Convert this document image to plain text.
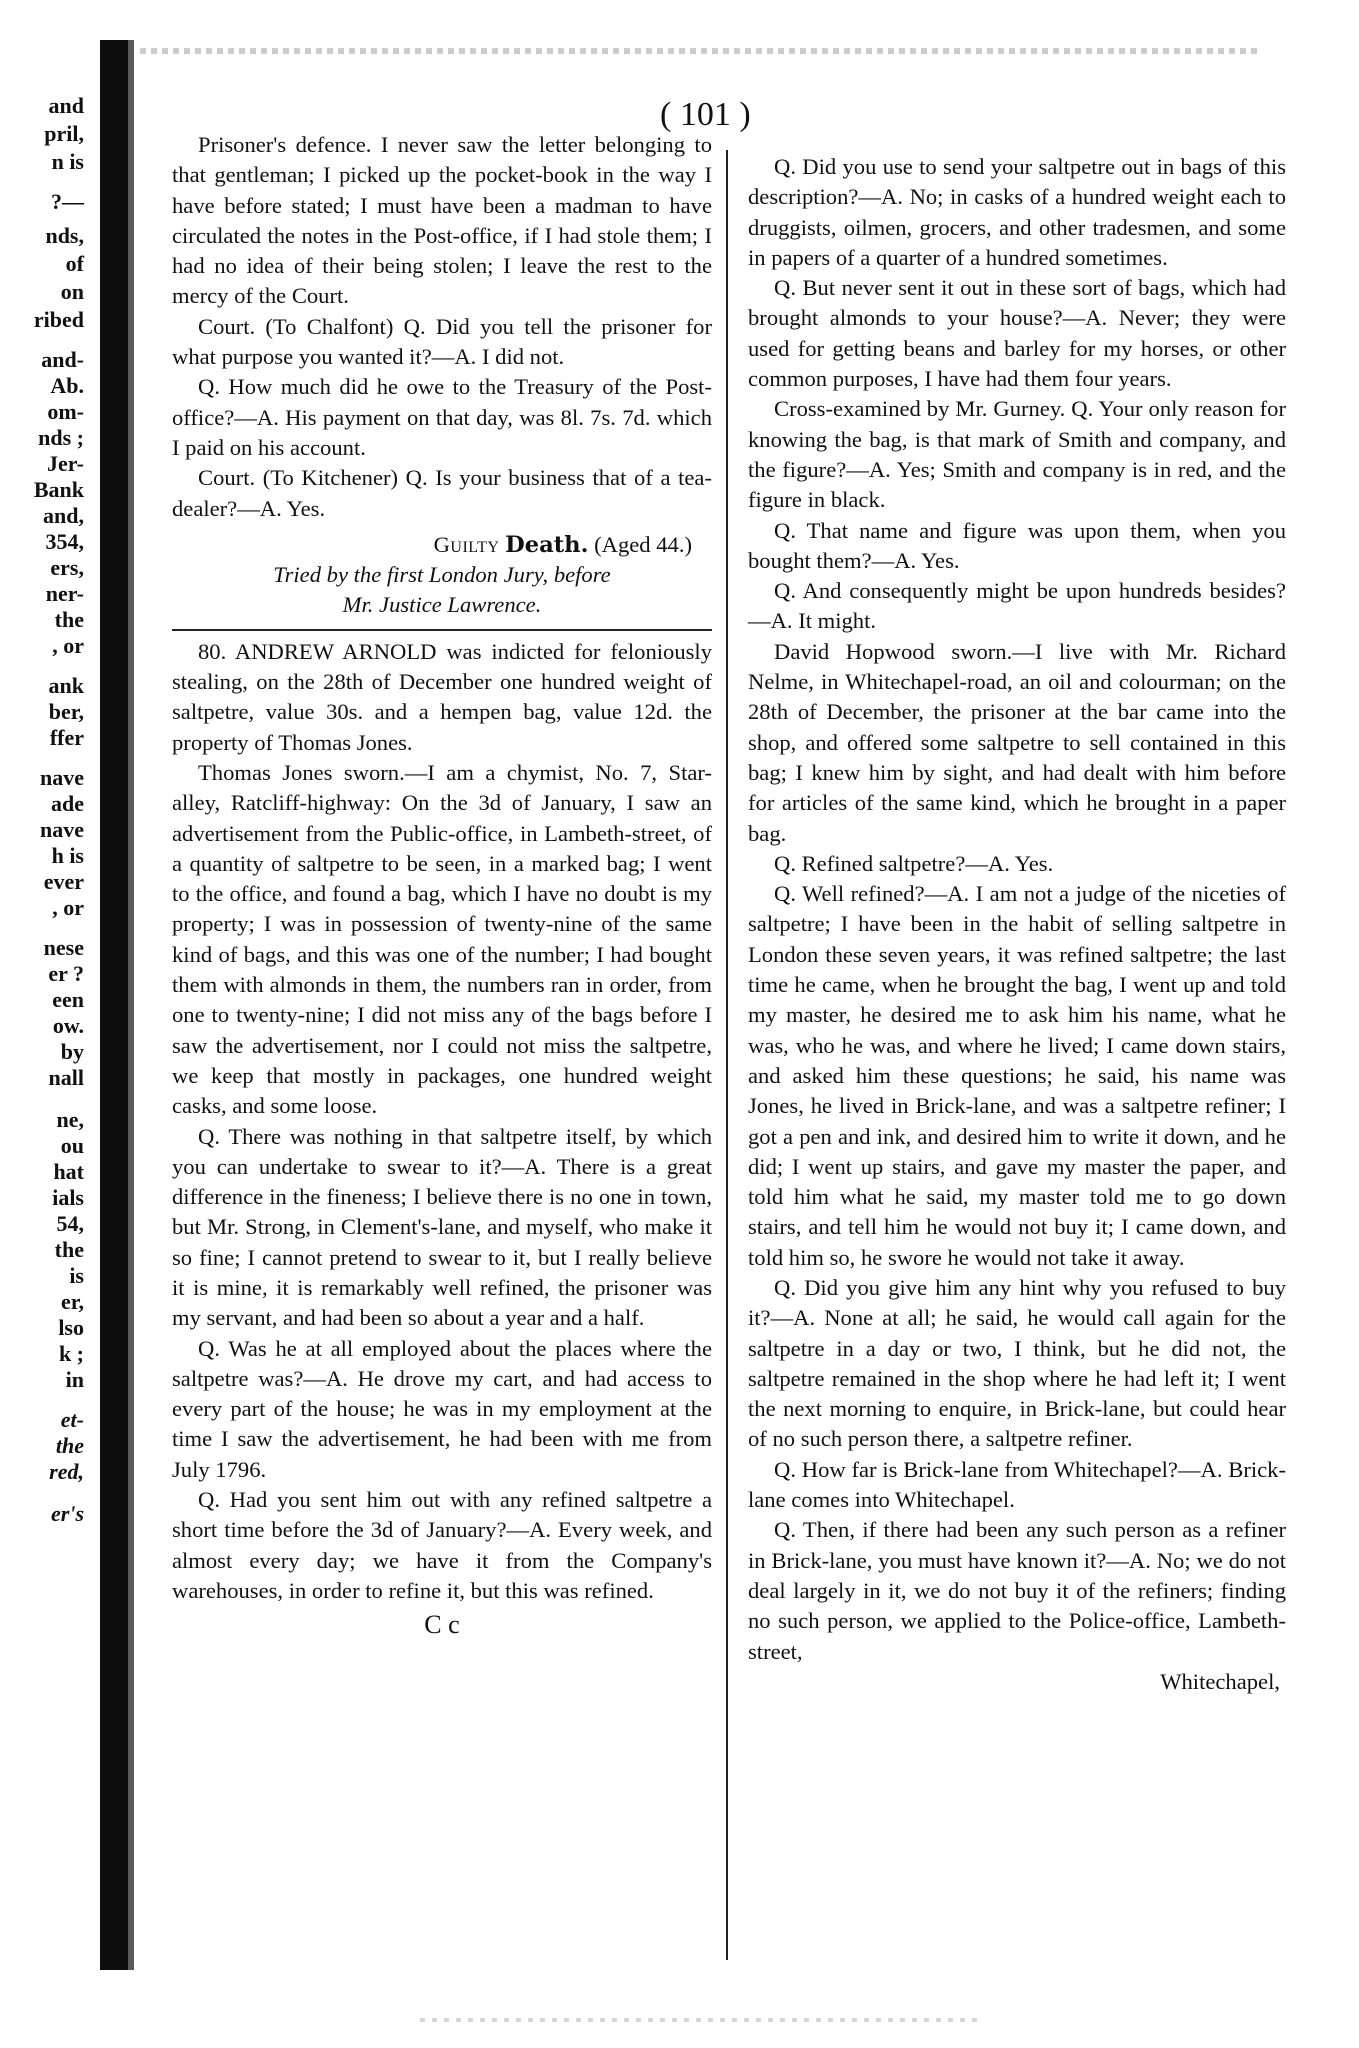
and
pril,
n is
?—
nds,
of
on
ribed
and-
Ab.
om-
nds ;
Jer-
Bank
and,
354,
ers,
ner-
the
, or
ank
ber,
ffer
nave
ade
nave
h is
ever
, or
nese
er ?
een
ow.
by
nall
ne,
ou
hat
ials
54,
the
is
er,
lso
k ;
in
et-
the
red,
er's
( 101 )

Prisoner's defence. I never saw the letter belonging to that gentleman; I picked up the pocket-book in the way I have before stated; I must have been a madman to have circulated the notes in the Post-office, if I had stole them; I had no idea of their being stolen; I leave the rest to the mercy of the Court.

Court. (To Chalfont) Q. Did you tell the prisoner for what purpose you wanted it?—A. I did not.

Q. How much did he owe to the Treasury of the Post-office?—A. His payment on that day, was 8l. 7s. 7d. which I paid on his account.

Court. (To Kitchener) Q. Is your business that of a tea-dealer?—A. Yes.

Guilty Death. (Aged 44.)

Tried by the first London Jury, before

Mr. Justice Lawrence.

80. ANDREW ARNOLD was indicted for feloniously stealing, on the 28th of December one hundred weight of saltpetre, value 30s. and a hempen bag, value 12d. the property of Thomas Jones.

Thomas Jones sworn.—I am a chymist, No. 7, Star-alley, Ratcliff-highway: On the 3d of January, I saw an advertisement from the Public-office, in Lambeth-street, of a quantity of saltpetre to be seen, in a marked bag; I went to the office, and found a bag, which I have no doubt is my property; I was in possession of twenty-nine of the same kind of bags, and this was one of the number; I had bought them with almonds in them, the numbers ran in order, from one to twenty-nine; I did not miss any of the bags before I saw the advertisement, nor I could not miss the saltpetre, we keep that mostly in packages, one hundred weight casks, and some loose.

Q. There was nothing in that saltpetre itself, by which you can undertake to swear to it?—A. There is a great difference in the fineness; I believe there is no one in town, but Mr. Strong, in Clement's-lane, and myself, who make it so fine; I cannot pretend to swear to it, but I really believe it is mine, it is remarkably well refined, the prisoner was my servant, and had been so about a year and a half.

Q. Was he at all employed about the places where the saltpetre was?—A. He drove my cart, and had access to every part of the house; he was in my employment at the time I saw the advertisement, he had been with me from July 1796.

Q. Had you sent him out with any refined saltpetre a short time before the 3d of January?—A. Every week, and almost every day; we have it from the Company's warehouses, in order to refine it, but this was refined.

C c

Q. Did you use to send your saltpetre out in bags of this description?—A. No; in casks of a hundred weight each to druggists, oilmen, grocers, and other tradesmen, and some in papers of a quarter of a hundred sometimes.

Q. But never sent it out in these sort of bags, which had brought almonds to your house?—A. Never; they were used for getting beans and barley for my horses, or other common purposes, I have had them four years.

Cross-examined by Mr. Gurney. Q. Your only reason for knowing the bag, is that mark of Smith and company, and the figure?—A. Yes; Smith and company is in red, and the figure in black.

Q. That name and figure was upon them, when you bought them?—A. Yes.

Q. And consequently might be upon hundreds besides?—A. It might.

David Hopwood sworn.—I live with Mr. Richard Nelme, in Whitechapel-road, an oil and colourman; on the 28th of December, the prisoner at the bar came into the shop, and offered some saltpetre to sell contained in this bag; I knew him by sight, and had dealt with him before for articles of the same kind, which he brought in a paper bag.

Q. Refined saltpetre?—A. Yes.

Q. Well refined?—A. I am not a judge of the niceties of saltpetre; I have been in the habit of selling saltpetre in London these seven years, it was refined saltpetre; the last time he came, when he brought the bag, I went up and told my master, he desired me to ask him his name, what he was, who he was, and where he lived; I came down stairs, and asked him these questions; he said, his name was Jones, he lived in Brick-lane, and was a saltpetre refiner; I got a pen and ink, and desired him to write it down, and he did; I went up stairs, and gave my master the paper, and told him what he said, my master told me to go down stairs, and tell him he would not buy it; I came down, and told him so, he swore he would not take it away.

Q. Did you give him any hint why you refused to buy it?—A. None at all; he said, he would call again for the saltpetre in a day or two, I think, but he did not, the saltpetre remained in the shop where he had left it; I went the next morning to enquire, in Brick-lane, but could hear of no such person there, a saltpetre refiner.

Q. How far is Brick-lane from Whitechapel?—A. Brick-lane comes into Whitechapel.

Q. Then, if there had been any such person as a refiner in Brick-lane, you must have known it?—A. No; we do not deal largely in it, we do not buy it of the refiners; finding no such person, we applied to the Police-office, Lambeth-street,

Whitechapel,
